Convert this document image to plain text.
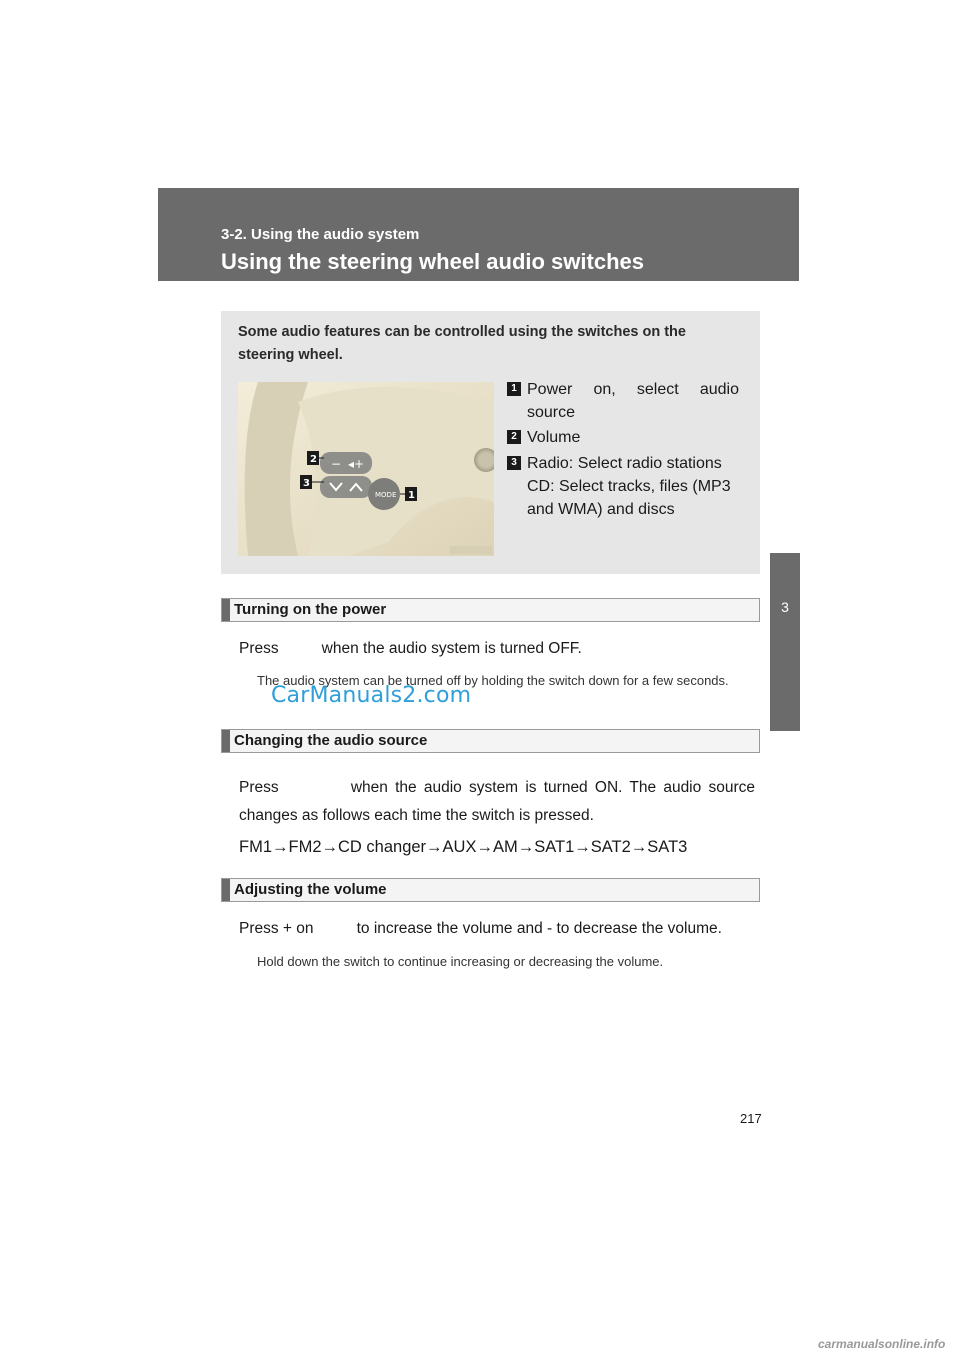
3-2. Using the audio system
Using the steering wheel audio switches
3
Interior features
Some audio features can be controlled using the switches on the steering wheel.
− ◂+
MODE
2
3
1
1 Power on, select audio source
2 Volume
3 Radio: Select radio stations
CD: Select tracks, files (MP3 and WMA) and discs
Turning on the power
Press          when the audio system is turned OFF.
The audio system can be turned off by holding the switch down for a few seconds.
CarManuals2.com
Changing the audio source
Press          when the audio system is turned ON. The audio source changes as follows each time the switch is pressed.
FM1→FM2→CD changer→AUX→AM→SAT1→SAT2→SAT3
Adjusting the volume
Press + on          to increase the volume and - to decrease the volume.
Hold down the switch to continue increasing or decreasing the volume.
217
carmanualsonline.info
